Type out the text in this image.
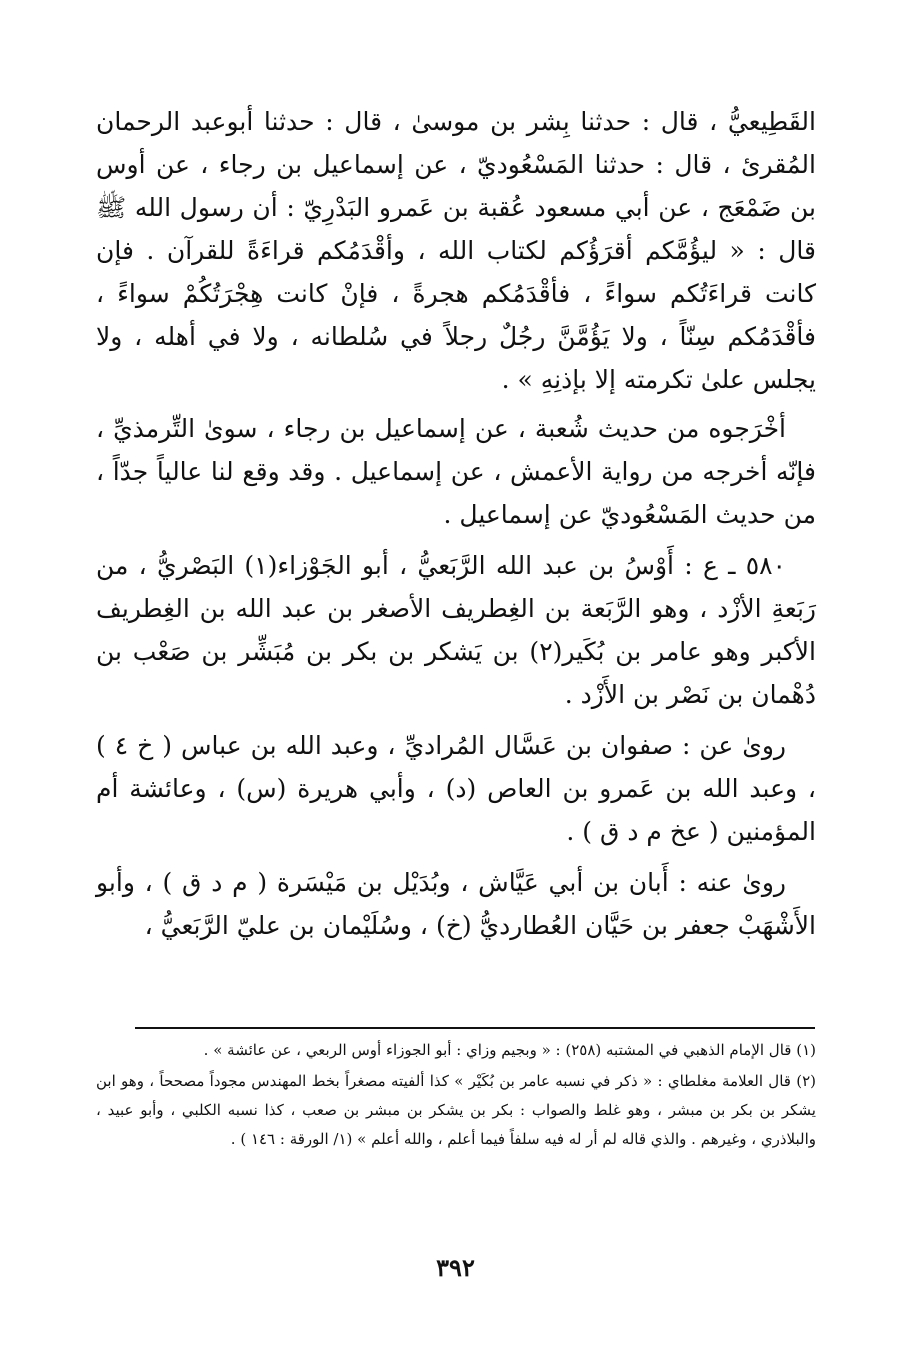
القَطِيعيُّ ، قال : حدثنا بِشر بن موسىٰ ، قال : حدثنا أبوعبد الرحمان المُقرئ ، قال : حدثنا المَسْعُوديّ ، عن إسماعيل بن رجاء ، عن أوس بن ضَمْعَج ، عن أبي مسعود عُقبة بن عَمرو البَدْرِيّ : أن رسول الله ﷺ قال : « ليؤُمَّكم أقرَؤُكم لكتاب الله ، وأقْدَمُكم قراءَةً للقرآن . فإن كانت قراءَتُكم سواءً ، فأقْدَمُكم هجرةً ، فإنْ كانت هِجْرَتُكُمْ سواءً ، فأقْدَمُكم سِنّاً ، ولا يَؤُمَّنَّ رجُلٌ رجلاً في سُلطانه ، ولا في أهله ، ولا يجلس علىٰ تكرمته إلا بإذنِهِ » .

أخْرَجوه من حديث شُعبة ، عن إسماعيل بن رجاء ، سوىٰ التِّرمذيِّ ، فإنّه أخرجه من رواية الأعمش ، عن إسماعيل . وقد وقع لنا عالياً جدّاً ، من حديث المَسْعُوديّ عن إسماعيل .

٥٨٠ ـ ع : أَوْسُ بن عبد الله الرَّبَعيُّ ، أبو الجَوْزاء(١) البَصْريُّ ، من رَبَعةِ الأزْد ، وهو الرَّبَعة بن الغِطريف الأصغر بن عبد الله بن الغِطريف الأكبر وهو عامر بن بُكَير(٢) بن يَشكر بن بكر بن مُبَشِّر بن صَعْب بن دُهْمان بن نَصْر بن الأَزْد .

روىٰ عن : صفوان بن عَسَّال المُراديِّ ، وعبد الله بن عباس ( خ ٤ ) ، وعبد الله بن عَمرو بن العاص (د) ، وأبي هريرة (س) ، وعائشة أم المؤمنين ( عخ م د ق ) .

روىٰ عنه : أَبان بن أبي عَيَّاش ، وبُدَيْل بن مَيْسَرة ( م د ق ) ، وأبو الأَشْهَبْ جعفر بن حَيَّان العُطارديُّ (خ) ، وسُلَيْمان بن عليّ الرَّبَعيُّ ،

(١) قال الإمام الذهبي في المشتبه (٢٥٨) : « وبجيم وزاي : أبو الجوزاء أوس الربعي ، عن عائشة » .

(٢) قال العلامة مغلطاي : « ذكر في نسبه عامر بن بُكَيْر » كذا ألفيته مصغراً بخط المهندس مجوداً مصححاً ، وهو ابن يشكر بن بكر بن مبشر ، وهو غلط والصواب : بكر بن يشكر بن مبشر بن صعب ، كذا نسبه الكلبي ، وأبو عبيد ، والبلاذري ، وغيرهم . والذي قاله لم أر له فيه سلفاً فيما أعلم ، والله أعلم » (١/ الورقة : ١٤٦ ) .

٣٩٢
